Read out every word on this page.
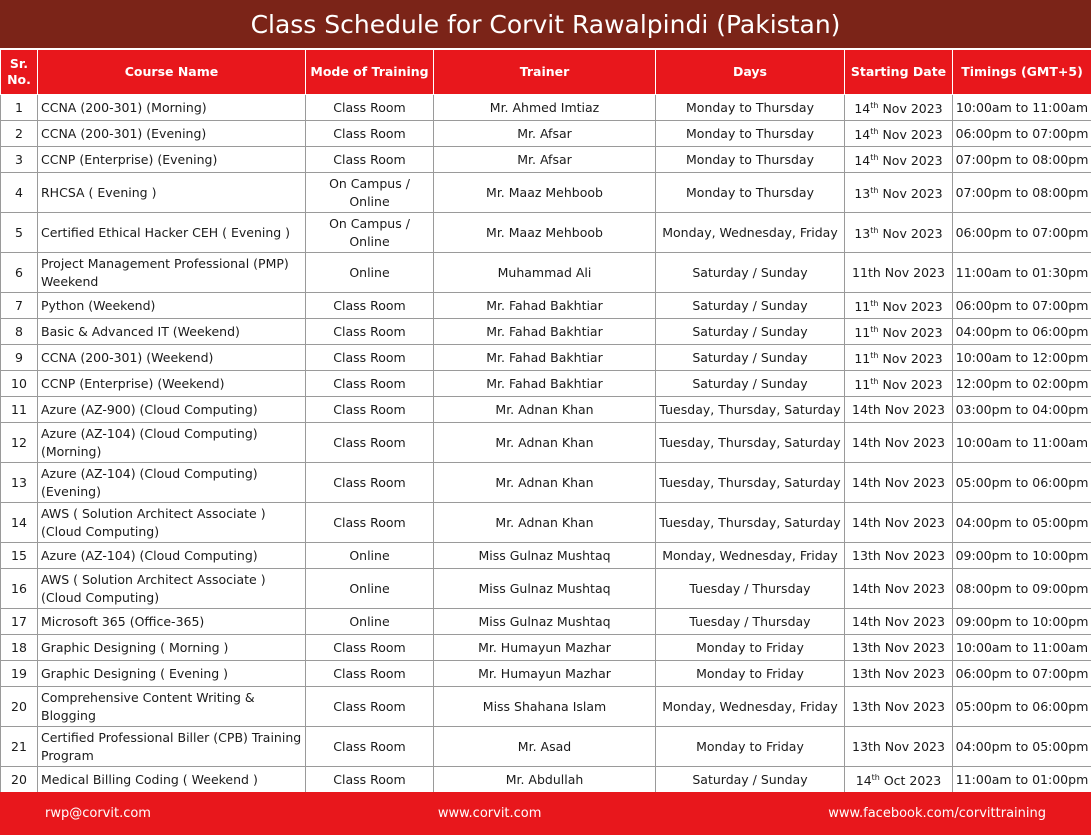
Class Schedule for Corvit Rawalpindi (Pakistan)
Sr. No.	Course Name	Mode of Training	Trainer	Days	Starting Date	Timings (GMT+5)
1	CCNA (200-301) (Morning)	Class Room	Mr. Ahmed Imtiaz	Monday to Thursday	14th Nov 2023	10:00am to 11:00am
2	CCNA (200-301) (Evening)	Class Room	Mr. Afsar	Monday to Thursday	14th Nov 2023	06:00pm to 07:00pm
3	CCNP (Enterprise) (Evening)	Class Room	Mr. Afsar	Monday to Thursday	14th Nov 2023	07:00pm to 08:00pm
4	RHCSA ( Evening )	On Campus / Online	Mr. Maaz Mehboob	Monday to Thursday	13th Nov 2023	07:00pm to 08:00pm
5	Certified Ethical Hacker CEH ( Evening )	On Campus / Online	Mr. Maaz Mehboob	Monday, Wednesday, Friday	13th Nov 2023	06:00pm to 07:00pm
6	Project Management Professional (PMP) Weekend	Online	Muhammad Ali	Saturday / Sunday	11th Nov 2023	11:00am to 01:30pm
7	Python (Weekend)	Class Room	Mr. Fahad Bakhtiar	Saturday / Sunday	11th Nov 2023	06:00pm to 07:00pm
8	Basic & Advanced IT (Weekend)	Class Room	Mr. Fahad Bakhtiar	Saturday / Sunday	11th Nov 2023	04:00pm to 06:00pm
9	CCNA (200-301) (Weekend)	Class Room	Mr. Fahad Bakhtiar	Saturday / Sunday	11th Nov 2023	10:00am to 12:00pm
10	CCNP (Enterprise) (Weekend)	Class Room	Mr. Fahad Bakhtiar	Saturday / Sunday	11th Nov 2023	12:00pm to 02:00pm
11	Azure (AZ-900) (Cloud Computing)	Class Room	Mr. Adnan Khan	Tuesday, Thursday, Saturday	14th Nov 2023	03:00pm to 04:00pm
12	Azure (AZ-104) (Cloud Computing) (Morning)	Class Room	Mr. Adnan Khan	Tuesday, Thursday, Saturday	14th Nov 2023	10:00am to 11:00am
13	Azure (AZ-104) (Cloud Computing) (Evening)	Class Room	Mr. Adnan Khan	Tuesday, Thursday, Saturday	14th Nov 2023	05:00pm to 06:00pm
14	AWS ( Solution Architect Associate ) (Cloud Computing)	Class Room	Mr. Adnan Khan	Tuesday, Thursday, Saturday	14th Nov 2023	04:00pm to 05:00pm
15	Azure (AZ-104) (Cloud Computing)	Online	Miss Gulnaz Mushtaq	Monday, Wednesday, Friday	13th Nov 2023	09:00pm to 10:00pm
16	AWS ( Solution Architect Associate ) (Cloud Computing)	Online	Miss Gulnaz Mushtaq	Tuesday / Thursday	14th Nov 2023	08:00pm to 09:00pm
17	Microsoft 365 (Office-365)	Online	Miss Gulnaz Mushtaq	Tuesday / Thursday	14th Nov 2023	09:00pm to 10:00pm
18	Graphic Designing ( Morning )	Class Room	Mr. Humayun Mazhar	Monday to Friday	13th Nov 2023	10:00am to 11:00am
19	Graphic Designing ( Evening )	Class Room	Mr. Humayun Mazhar	Monday to Friday	13th Nov 2023	06:00pm to 07:00pm
20	Comprehensive Content Writing & Blogging	Class Room	Miss Shahana Islam	Monday, Wednesday, Friday	13th Nov 2023	05:00pm to 06:00pm
21	Certified Professional Biller (CPB) Training Program	Class Room	Mr. Asad	Monday to Friday	13th Nov 2023	04:00pm to 05:00pm
20	Medical Billing Coding ( Weekend )	Class Room	Mr. Abdullah	Saturday / Sunday	14th Oct 2023	11:00am to 01:00pm
rwp@corvit.com	www.corvit.com	www.facebook.com/corvittraining
